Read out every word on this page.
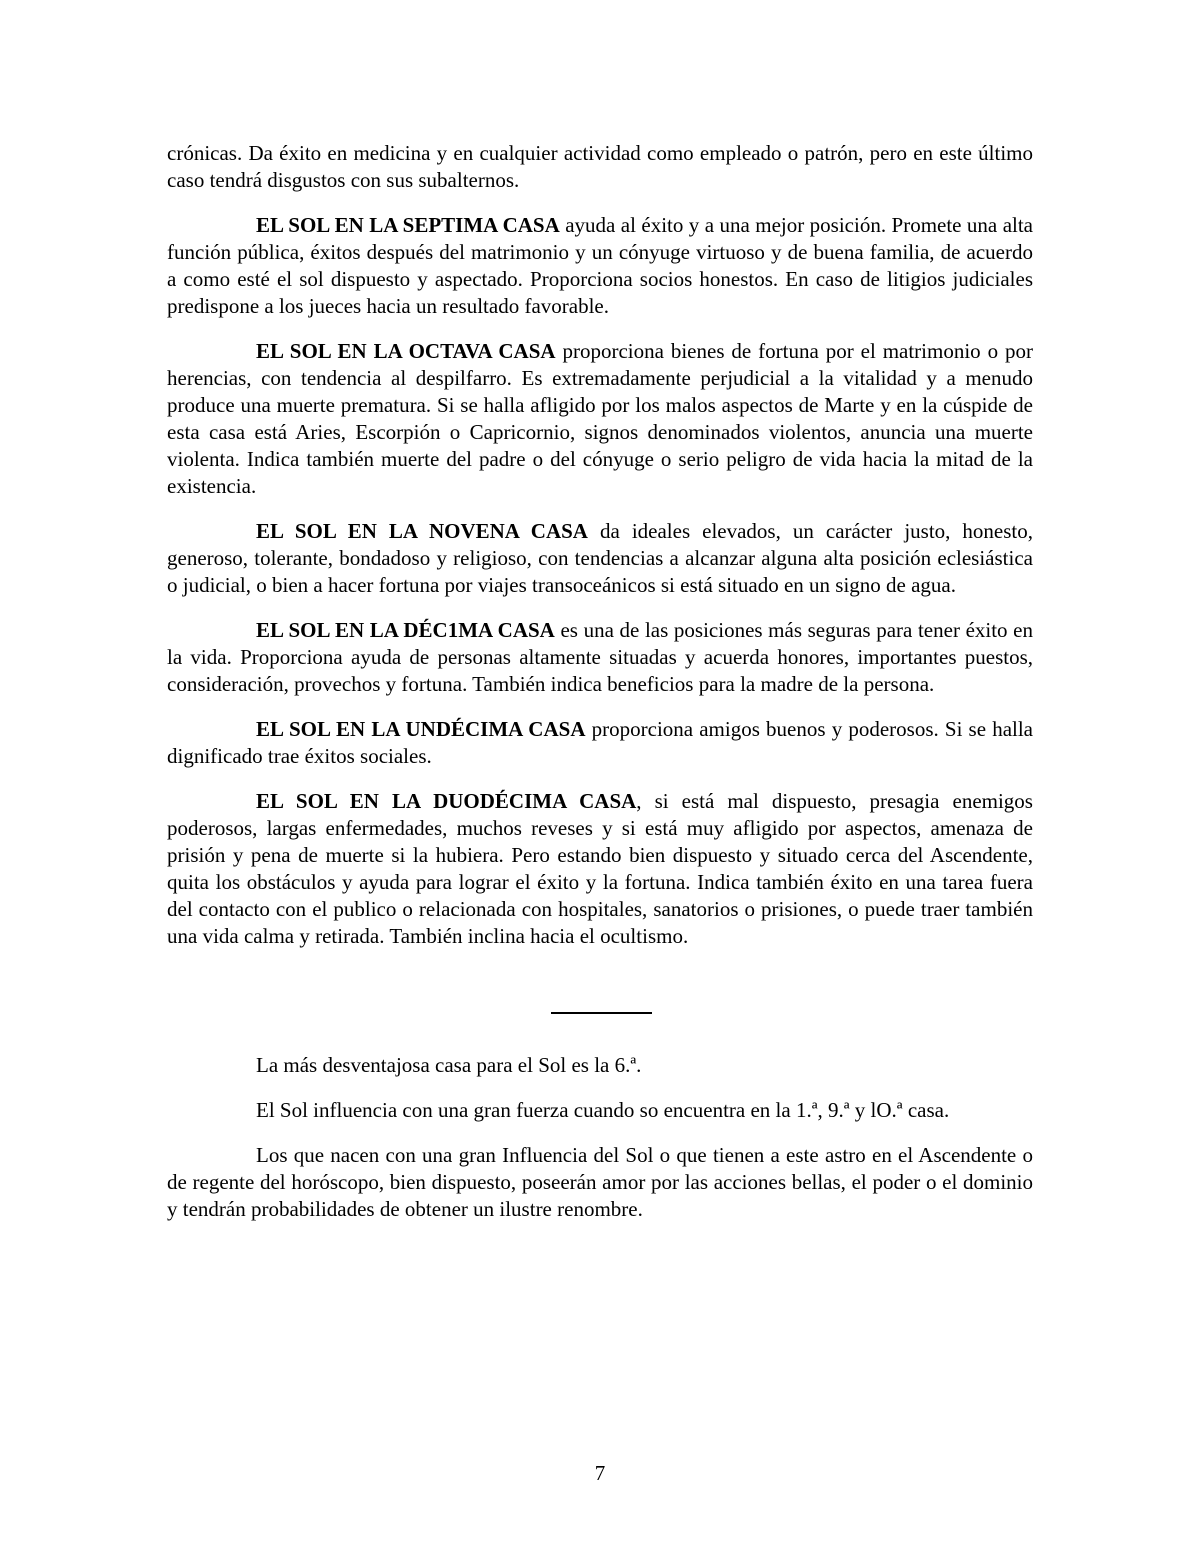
crónicas. Da éxito en medicina y en cualquier actividad como empleado o patrón, pero en este último caso tendrá disgustos con sus subalternos.

EL SOL EN LA SEPTIMA CASA ayuda al éxito y a una mejor posición. Promete una alta función pública, éxitos después del matrimonio y un cónyuge virtuoso y de buena familia, de acuerdo a como esté el sol dispuesto y aspectado. Proporciona socios honestos. En caso de litigios judiciales predispone a los jueces hacia un resultado favorable.

EL SOL EN LA OCTAVA CASA proporciona bienes de fortuna por el matrimonio o por herencias, con tendencia al despilfarro. Es extremadamente perjudicial a la vitalidad y a menudo produce una muerte prematura. Si se halla afligido por los malos aspectos de Marte y en la cúspide de esta casa está Aries, Escorpión o Capricornio, signos denominados violentos, anuncia una muerte violenta. Indica también muerte del padre o del cónyuge o serio peligro de vida hacia la mitad de la existencia.

EL SOL EN LA NOVENA CASA da ideales elevados, un carácter justo, honesto, generoso, tolerante, bondadoso y religioso, con tendencias a alcanzar alguna alta posición eclesiástica o judicial, o bien a hacer fortuna por viajes transoceánicos si está situado en un signo de agua.

EL SOL EN LA DÉC1MA CASA es una de las posiciones más seguras para tener éxito en la vida. Proporciona ayuda de personas altamente situadas y acuerda honores, importantes puestos, consideración, provechos y fortuna. También indica beneficios para la madre de la persona.

EL SOL EN LA UNDÉCIMA CASA proporciona amigos buenos y poderosos. Si se halla dignificado trae éxitos sociales.

EL SOL EN LA DUODÉCIMA CASA, si está mal dispuesto, presagia enemigos poderosos, largas enfermedades, muchos reveses y si está muy afligido por aspectos, amenaza de prisión y pena de muerte si la hubiera. Pero estando bien dispuesto y situado cerca del Ascendente, quita los obstáculos y ayuda para lograr el éxito y la fortuna. Indica también éxito en una tarea fuera del contacto con el publico o relacionada con hospitales, sanatorios o prisiones, o puede traer también una vida calma y retirada. También inclina hacia el ocultismo.

La más desventajosa casa para el Sol es la 6.ª.

El Sol influencia con una gran fuerza cuando so encuentra en la 1.ª, 9.ª y lO.ª casa.

Los que nacen con una gran Influencia del Sol o que tienen a este astro en el Ascendente o de regente del horóscopo, bien dispuesto, poseerán amor por las acciones bellas, el poder o el dominio y tendrán probabilidades de obtener un ilustre renombre.

7
